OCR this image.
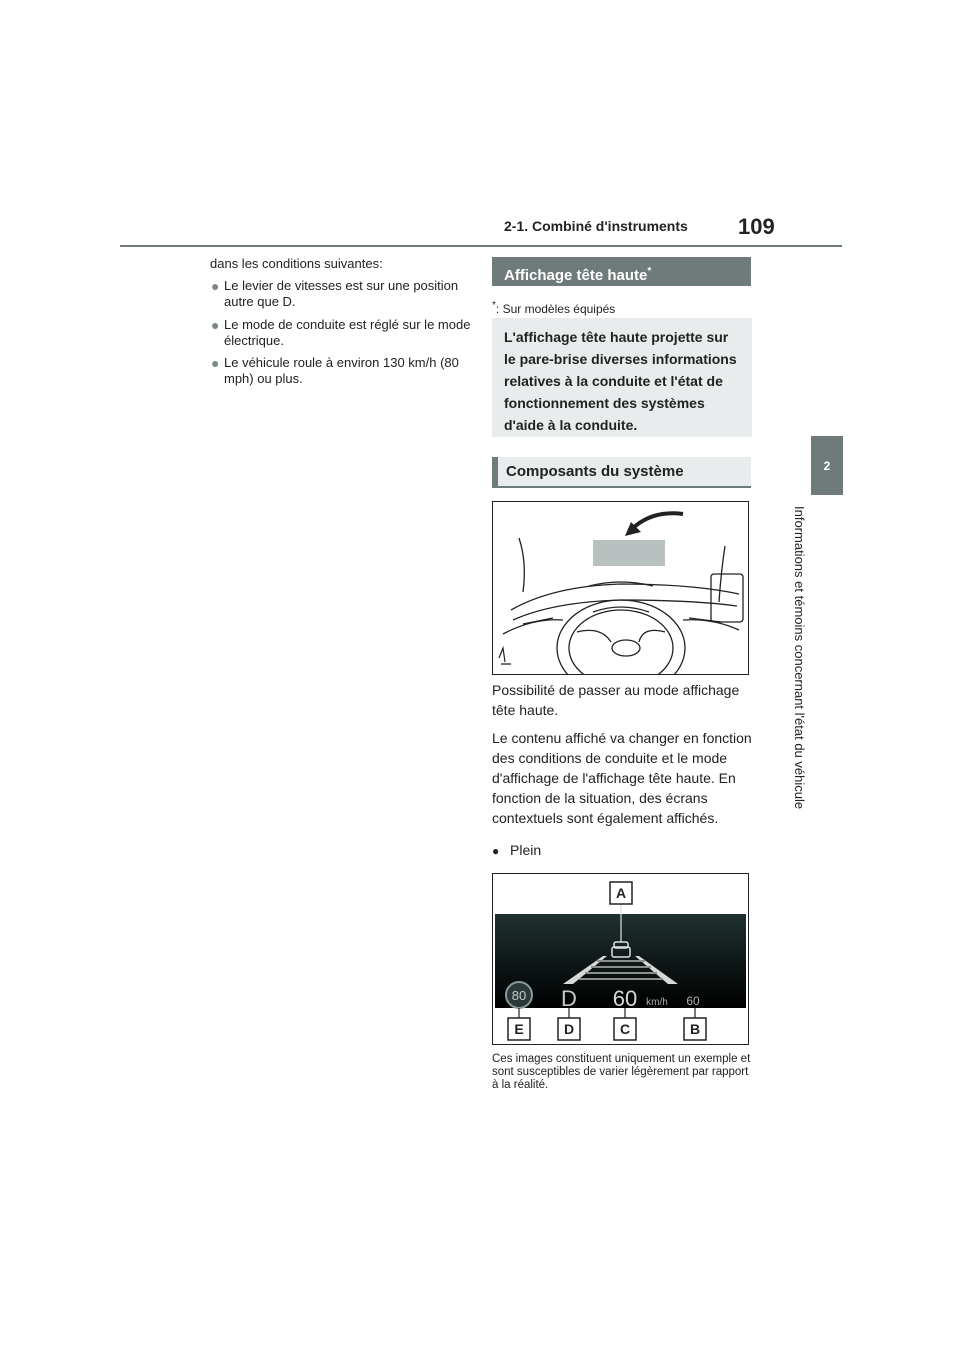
2-1. Combiné d'instruments 109
2
Informations et témoins concernant l'état du véhicule
dans les conditions suivantes:
● Le levier de vitesses est sur une position autre que D.
● Le mode de conduite est réglé sur le mode électrique.
● Le véhicule roule à environ 130 km/h (80 mph) ou plus.
Affichage tête haute*
*: Sur modèles équipés
L'affichage tête haute projette sur le pare-brise diverses informations relatives à la conduite et l'état de fonctionnement des systèmes d'aide à la conduite.
Composants du système
Possibilité de passer au mode affichage tête haute.
Le contenu affiché va changer en fonction des conditions de conduite et le mode d'affichage de l'affichage tête haute. En fonction de la situation, des écrans contextuels sont également affichés.
● Plein
80 D 60 km/h 60
A
E	D	C	B
Ces images constituent uniquement un exemple et sont susceptibles de varier légèrement par rapport à la réalité.
